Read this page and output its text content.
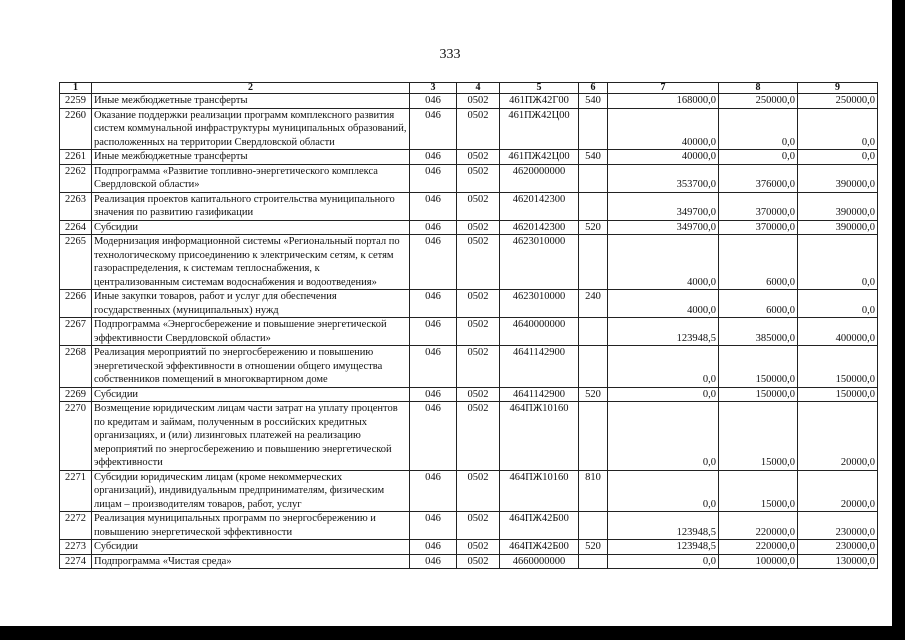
333
1	2	3	4	5	6	7	8	9
2259	Иные межбюджетные трансферты	046	0502	461ПЖ42Г00	540	168000,0	250000,0	250000,0
2260	Оказание поддержки реализации программ комплексного развития систем коммунальной инфраструктуры муниципальных образований, расположенных на территории Свердловской области	046	0502	461ПЖ42Ц00		40000,0	0,0	0,0
2261	Иные межбюджетные трансферты	046	0502	461ПЖ42Ц00	540	40000,0	0,0	0,0
2262	Подпрограмма «Развитие топливно-энергетического комплекса Свердловской области»	046	0502	4620000000		353700,0	376000,0	390000,0
2263	Реализация проектов капитального строительства муниципального значения по развитию газификации	046	0502	4620142300		349700,0	370000,0	390000,0
2264	Субсидии	046	0502	4620142300	520	349700,0	370000,0	390000,0
2265	Модернизация информационной системы «Региональный портал по технологическому присоединению к электрическим сетям, к сетям газораспределения, к системам теплоснабжения, к централизованным системам водоснабжения и водоотведения»	046	0502	4623010000		4000,0	6000,0	0,0
2266	Иные закупки товаров, работ и услуг для обеспечения государственных (муниципальных) нужд	046	0502	4623010000	240	4000,0	6000,0	0,0
2267	Подпрограмма «Энергосбережение и повышение энергетической эффективности Свердловской области»	046	0502	4640000000		123948,5	385000,0	400000,0
2268	Реализация мероприятий по энергосбережению и повышению энергетической эффективности в отношении общего имущества собственников помещений в многоквартирном доме	046	0502	4641142900		0,0	150000,0	150000,0
2269	Субсидии	046	0502	4641142900	520	0,0	150000,0	150000,0
2270	Возмещение юридическим лицам части затрат на уплату процентов по кредитам и займам, полученным в российских кредитных организациях, и (или) лизинговых платежей на реализацию мероприятий по энергосбережению и повышению энергетической эффективности	046	0502	464ПЖ10160		0,0	15000,0	20000,0
2271	Субсидии юридическим лицам (кроме некоммерческих организаций), индивидуальным предпринимателям, физическим лицам – производителям товаров, работ, услуг	046	0502	464ПЖ10160	810	0,0	15000,0	20000,0
2272	Реализация муниципальных программ по энергосбережению и повышению энергетической эффективности	046	0502	464ПЖ42Б00		123948,5	220000,0	230000,0
2273	Субсидии	046	0502	464ПЖ42Б00	520	123948,5	220000,0	230000,0
2274	Подпрограмма «Чистая среда»	046	0502	4660000000		0,0	100000,0	130000,0
